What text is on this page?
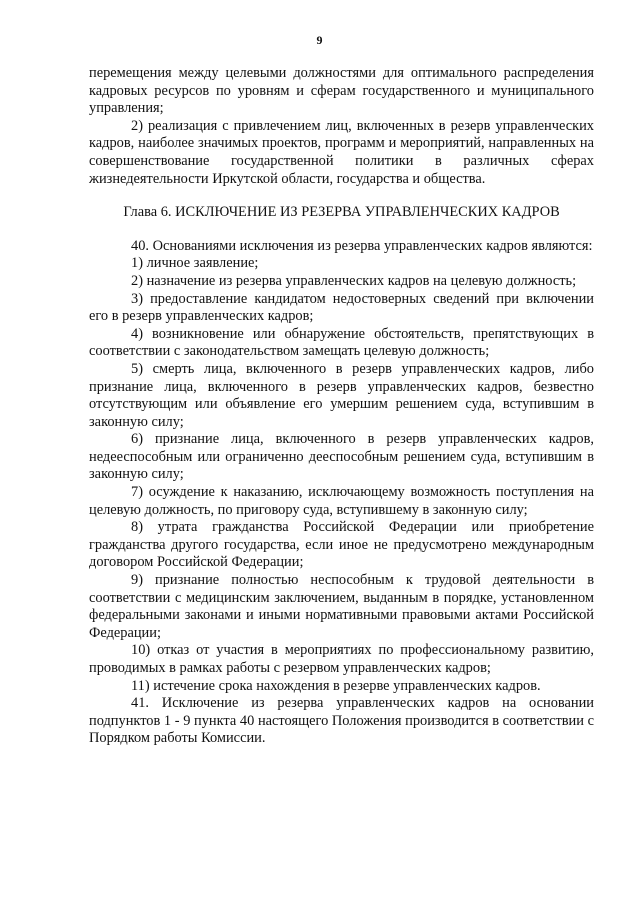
9

перемещения между целевыми должностями для оптимального распределения кадровых ресурсов по уровням и сферам государственного и муниципального управления;

2) реализация с привлечением лиц, включенных в резерв управленческих кадров, наиболее значимых проектов, программ и мероприятий, направленных на совершенствование государственной политики в различных сферах жизнедеятельности Иркутской области, государства и общества.

Глава 6. ИСКЛЮЧЕНИЕ ИЗ РЕЗЕРВА УПРАВЛЕНЧЕСКИХ КАДРОВ

40. Основаниями исключения из резерва управленческих кадров являются:

1) личное заявление;

2) назначение из резерва управленческих кадров на целевую должность;

3) предоставление кандидатом недостоверных сведений при включении его в резерв управленческих кадров;

4) возникновение или обнаружение обстоятельств, препятствующих в соответствии с законодательством замещать целевую должность;

5) смерть лица, включенного в резерв управленческих кадров, либо признание лица, включенного в резерв управленческих кадров, безвестно отсутствующим или объявление его умершим решением суда, вступившим в законную силу;

6) признание лица, включенного в резерв управленческих кадров, недееспособным или ограниченно дееспособным решением суда, вступившим в законную силу;

7) осуждение к наказанию, исключающему возможность поступления на целевую должность, по приговору суда, вступившему в законную силу;

8) утрата гражданства Российской Федерации или приобретение гражданства другого государства, если иное не предусмотрено международным договором Российской Федерации;

9) признание полностью неспособным к трудовой деятельности в соответствии с медицинским заключением, выданным в порядке, установленном федеральными законами и иными нормативными правовыми актами Российской Федерации;

10) отказ от участия в мероприятиях по профессиональному развитию, проводимых в рамках работы с резервом управленческих кадров;

11) истечение срока нахождения в резерве управленческих кадров.

41. Исключение из резерва управленческих кадров на основании подпунктов 1 - 9 пункта 40 настоящего Положения производится в соответствии с Порядком работы Комиссии.
